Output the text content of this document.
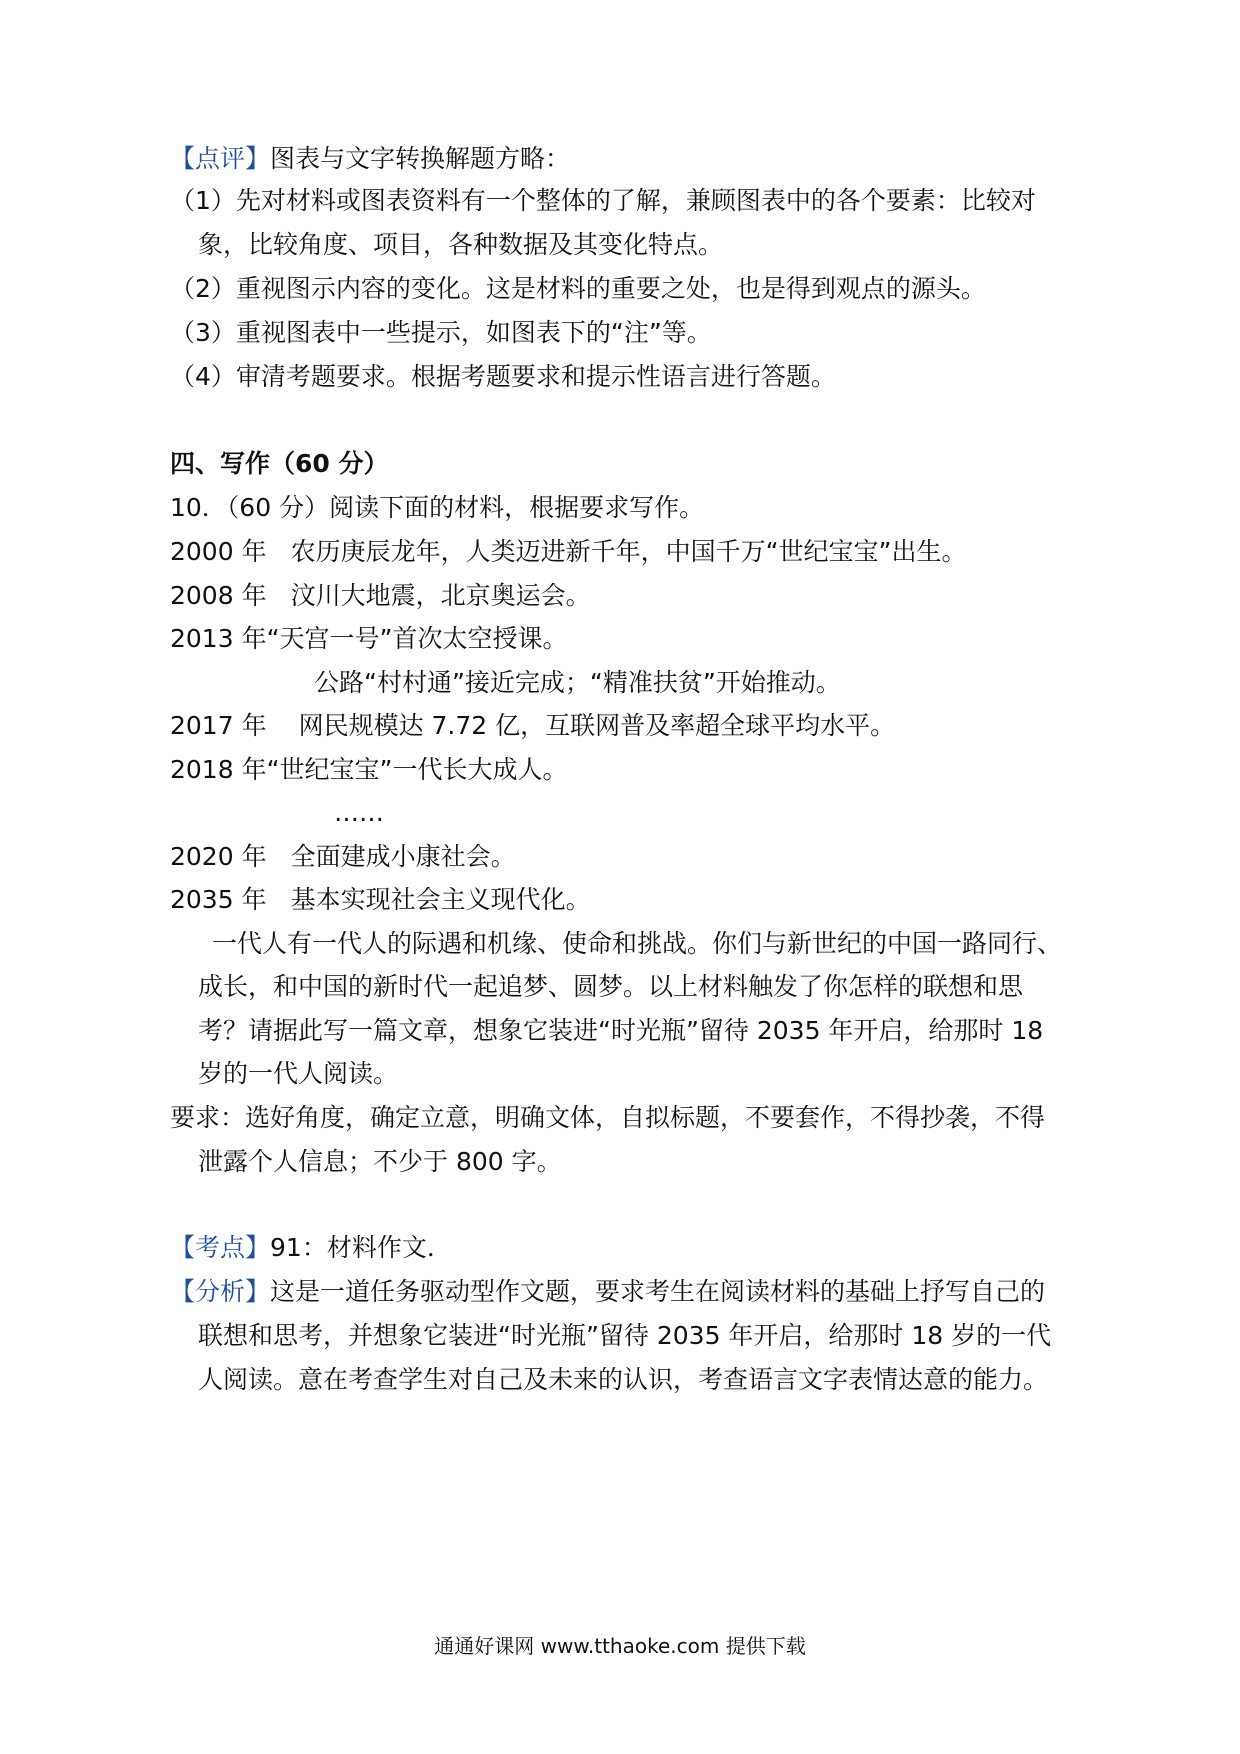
【点评】图表与文字转换解题方略：
（1）先对材料或图表资料有一个整体的了解，兼顾图表中的各个要素：比较对
象，比较角度、项目，各种数据及其变化特点。
（2）重视图示内容的变化。这是材料的重要之处，也是得到观点的源头。
（3）重视图表中一些提示，如图表下的“注”等。
（4）审清考题要求。根据考题要求和提示性语言进行答题。
四、写作（60 分）
10．（60 分）阅读下面的材料，根据要求写作。
2000 年 农历庚辰龙年，人类迈进新千年，中国千万“世纪宝宝”出生。
2008 年 汶川大地震，北京奥运会。
2013 年“天宫一号”首次太空授课。
公路“村村通”接近完成；“精准扶贫”开始推动。
2017 年 网民规模达 7.72 亿，互联网普及率超全球平均水平。
2018 年“世纪宝宝”一代长大成人。
……
2020 年 全面建成小康社会。
2035 年 基本实现社会主义现代化。
一代人有一代人的际遇和机缘、使命和挑战。你们与新世纪的中国一路同行、
成长，和中国的新时代一起追梦、圆梦。以上材料触发了你怎样的联想和思
考？请据此写一篇文章，想象它装进“时光瓶”留待 2035 年开启，给那时 18
岁的一代人阅读。
要求：选好角度，确定立意，明确文体，自拟标题，不要套作，不得抄袭，不得
泄露个人信息；不少于 800 字。
【考点】91：材料作文．
【分析】这是一道任务驱动型作文题，要求考生在阅读材料的基础上抒写自己的
联想和思考，并想象它装进“时光瓶”留待 2035 年开启，给那时 18 岁的一代
人阅读。意在考查学生对自己及未来的认识，考查语言文字表情达意的能力。
通通好课网 www.tthaoke.com 提供下载
